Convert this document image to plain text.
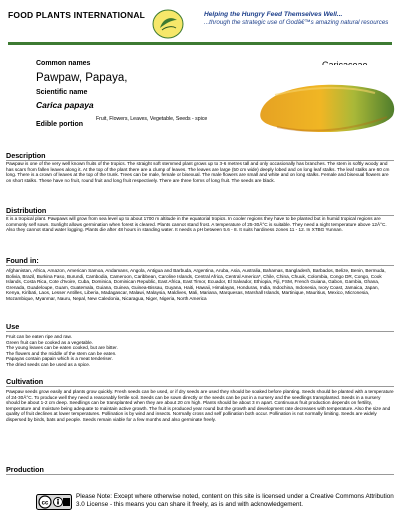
FOOD PLANTS INTERNATIONAL	Helping the Hungry Feed Themselves Well...
...through the strategic use of Godâ€™s amazing natural resources
Common names
Pawpaw, Papaya,
Scientific name
Carica papaya
Edible portion
Fruit, Flowers, Leaves, Vegetable, Seeds - spice
Description
Pawpaw is one of the very well known fruits of the tropics. The straight soft stemmed plant grows up to 3-6 metres tall and only occasionally has branches. The stem is softly woody and has scars from fallen leaves along it. At the top of the plant there are a clump of leaves. The leaves are large (50 cm wide) deeply lobed and on long leaf stalks. The leaf stalks are 60 cm long. There is a crown of leaves at the top of the trunk. Trees can be male, female or bisexual. The male flowers are small and white and on long stalks. Female and bisexual flowers are on short stalks. These have no fruit, round fruit and long fruit respectively. There are three forms of long fruit. The seeds are black.
Distribution
It is a tropical plant. Pawpaws will grow from sea level up to about 1700 m altitude in the equatorial tropics. In cooler regions they have to be planted but in humid tropical regions are commonly self sown. Sunlight allows germination when forest is cleared. Plants cannot stand frost. A temperature of 25-30Â°C is suitable. They need a night temperature above 12Â°C. Also they cannot stand water logging. Plants die after 48 hours in standing water. It needs a pH between 5.6 - 8. It suits hardiness zones 11 - 12. In XTBG Yunnan.
Found in:
Afghanistan, Africa, Amazon, American Samoa, Andamans, Angola, Antigua and Barbuda, Argentina, Aruba, Asia, Australia, Bahamas, Bangladesh, Barbados, Belize, Benin, Bermuda, Bolivia, Brazil, Burkina Faso, Burundi, Cambodia, Cameroon, Caribbean, Caroline Islands, Central Africa, Central America*, Chile, China, Chuuk, Colombia, Congo DR, Congo, Cook Islands, Costa Rica, Cote d'Ivoire, Cuba, Dominica, Dominican Republic, East Africa, East Timor, Ecuador, El Salvador, Ethiopia, Fiji, FSM, French Guiana, Gabon, Gambia, Ghana, Grenada, Guadeloupe, Guam, Guatemala, Guiana, Guinea, Guinea-Bissau, Guyana, Haiti, Hawaii, Himalayas, Honduras, India, Indochina, Indonesia, Ivory Coast, Jamaica, Japan, Kenya, Kiribati, Laos, Lesser Antilles, Liberia, Madagascar, Malawi, Malaysia, Maldives, Mali, Mariana, Marquesas, Marshall Islands, Martinique, Mauritius, Mexico, Micronesia, Mozambique, Myanmar, Nauru, Nepal, New Caledonia, Nicaragua, Niger, Nigeria, North America
Use
Fruit can be eaten ripe and raw.
Green fruit can be cooked as a vegetable.
The young leaves can be eaten cooked, but are bitter.
The flowers and the middle of the stem can be eaten.
Papayas contain papain which is a meat tenderiser.
The dried seeds can be used as a spice.
Cultivation
Pawpaw seeds grow easily and plants grow quickly. Fresh seeds can be used, or if dry seeds are used they should be soaked before planting. Seeds should be planted with a temperature of 24-30Â°C. To produce well they need a reasonably fertile soil. Seeds can be sown directly or the seeds can be put in a nursery and the seedlings transplanted. Seeds in a nursery should be about 1-2 cm deep. Seedlings can be transplanted when they are about 20 cm high. Plants should be about 3 m apart. Continuous fruit production depends on fertility, temperature and moisture being adequate to maintain active growth. The fruit is produced year round but the growth and development rate decreases with temperature. Also the size and quality of fruit declines at lower temperatures. Pollination is by wind and insects. Normally cross and self pollination both occur. Pollination is not normally limiting. Seeds are widely dispersed by birds, bats and people. Seeds remain viable for a few months and also germinate freely.
Production
cc
Please Note: Except where otherwise noted, content on this site is licensed under a Creative Commons Attribution 3.0 License - this means you can share it freely, as is and with acknowledgement.
